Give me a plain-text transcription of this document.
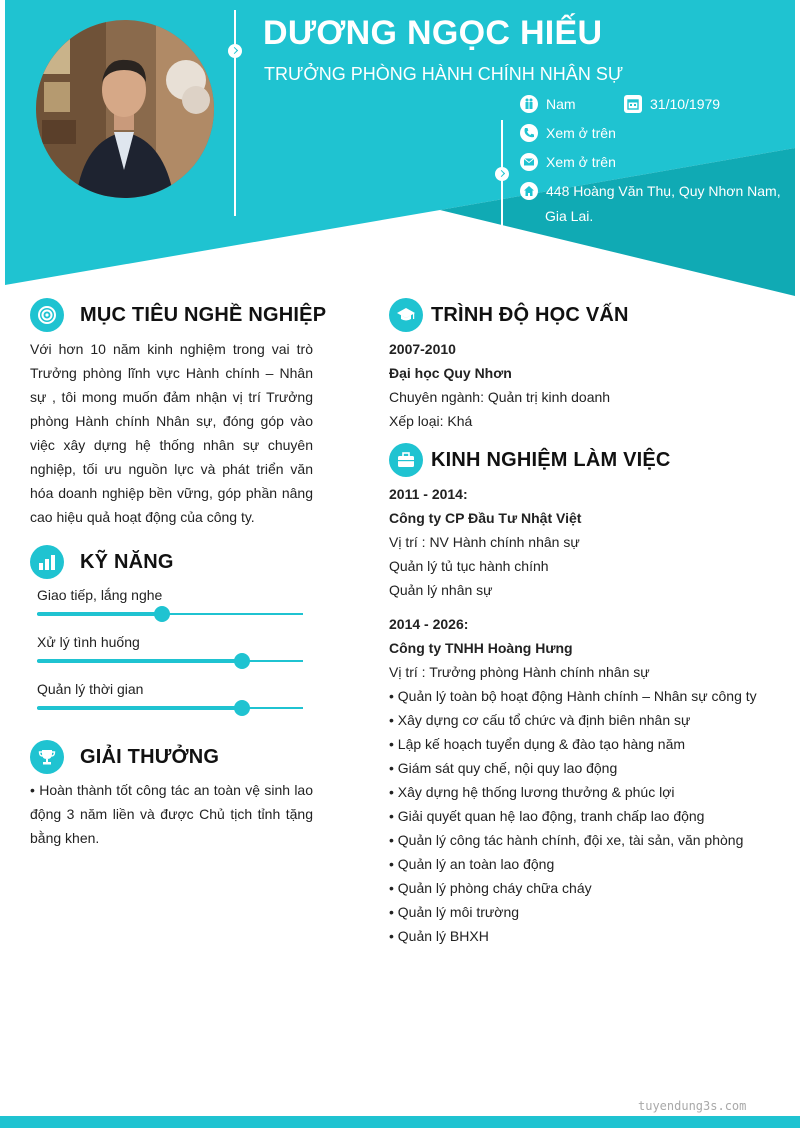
DƯƠNG NGỌC HIẾU
TRƯỞNG PHÒNG HÀNH CHÍNH NHÂN SỰ
Nam	31/10/1979
Xem ở trên
Xem ở trên
448 Hoàng Văn Thụ, Quy Nhơn Nam,
Gia Lai.
MỤC TIÊU NGHỀ NGHIỆP
Với hơn 10 năm kinh nghiệm trong vai trò Trưởng phòng lĩnh vực Hành chính – Nhân sự , tôi mong muốn đảm nhận vị trí Trưởng phòng Hành chính Nhân sự, đóng góp vào việc xây dựng hệ thống nhân sự chuyên nghiệp, tối ưu nguồn lực và phát triển văn hóa doanh nghiệp bền vững, góp phần nâng cao hiệu quả hoạt động của công ty.
KỸ NĂNG
Giao tiếp, lắng nghe
Xử lý tình huống
Quản lý thời gian
GIẢI THƯỞNG
• Hoàn thành tốt công tác an toàn vệ sinh lao động 3 năm liền và được Chủ tịch tỉnh tặng bằng khen.
TRÌNH ĐỘ HỌC VẤN
2007-2010
Đại học Quy Nhơn
Chuyên ngành: Quản trị kinh doanh
Xếp loại: Khá
KINH NGHIỆM LÀM VIỆC
2011 - 2014:
Công ty CP Đầu Tư Nhật Việt
Vị trí : NV Hành chính nhân sự
Quản lý tủ tục hành chính
Quản lý nhân sự
2014 - 2026:
Công ty TNHH Hoàng Hưng
Vị trí : Trưởng phòng Hành chính nhân sự
• Quản lý toàn bộ hoạt động Hành chính – Nhân sự công ty
• Xây dựng cơ cấu tổ chức và định biên nhân sự
• Lập kế hoạch tuyển dụng & đào tạo hàng năm
• Giám sát quy chế, nội quy lao động
• Xây dựng hệ thống lương thưởng & phúc lợi
• Giải quyết quan hệ lao động, tranh chấp lao động
• Quản lý công tác hành chính, đội xe, tài sản, văn phòng
• Quản lý an toàn lao động
• Quản lý phòng cháy chữa cháy
• Quản lý môi trường
• Quản lý BHXH
tuyendung3s.com
